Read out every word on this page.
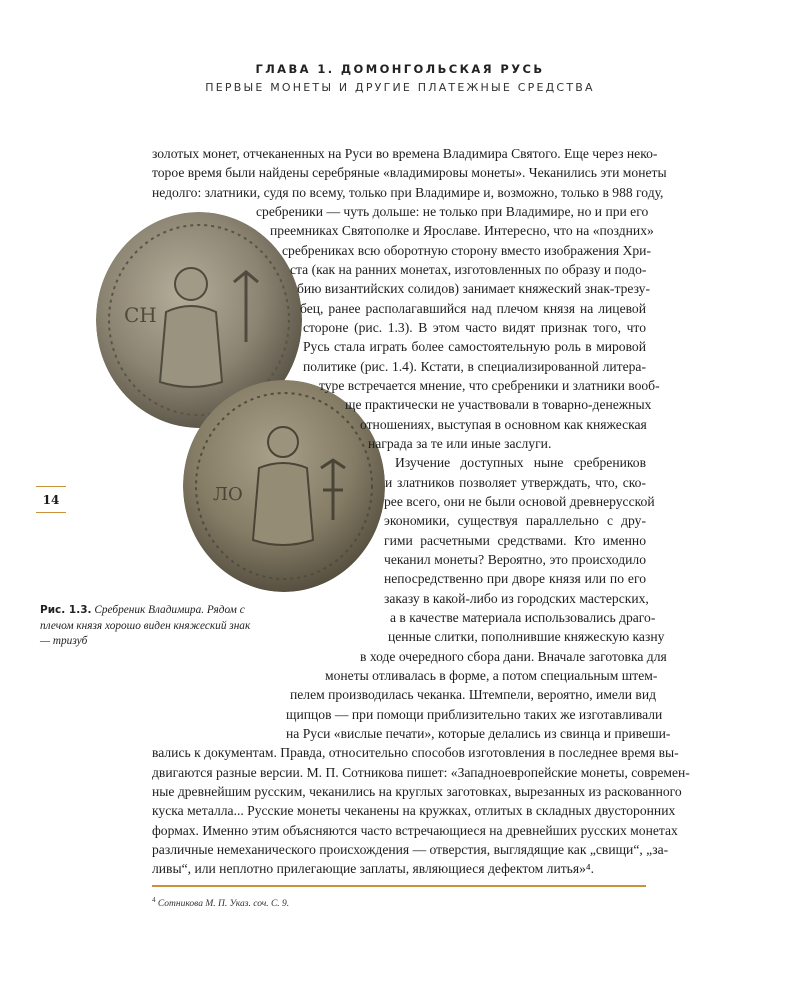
ГЛАВА 1. ДОМОНГОЛЬСКАЯ РУСЬ
ПЕРВЫЕ МОНЕТЫ И ДРУГИЕ ПЛАТЕЖНЫЕ СРЕДСТВА
СН
ЛО
золотых монет, отчеканенных на Руси во времена Владимира Святого. Еще через неко-
торое время были найдены серебряные «владимировы монеты». Чеканились эти монеты
недолго: златники, судя по всему, только при Владимире и, возможно, только в 988 году,
сребреники — чуть дольше: не только при Владимире, но и при его
преемниках Святополке и Ярославе. Интересно, что на «поздних»
сребрениках всю оборотную сторону вместо изображения Хри-
ста (как на ранних монетах, изготовленных по образу и подо-
бию византийских солидов) занимает княжеский знак-трезу-
бец, ранее располагавшийся над плечом князя на лицевой
стороне (рис. 1.3). В этом часто видят признак того, что
Русь стала играть более самостоятельную роль в мировой
политике (рис. 1.4). Кстати, в специализированной литера-
туре встречается мнение, что сребреники и златники вооб-
ще практически не участвовали в товарно-денежных
отношениях, выступая в основном как княжеская
награда за те или иные заслуги.
Изучение доступных ныне сребреников
и златников позволяет утверждать, что, ско-
рее всего, они не были основой древнерусской
экономики, существуя параллельно с дру-
гими расчетными средствами. Кто именно
чеканил монеты? Вероятно, это происходило
непосредственно при дворе князя или по его
заказу в какой-либо из городских мастерских,
а в качестве материала использовались драго-
ценные слитки, пополнившие княжескую казну
в ходе очередного сбора дани. Вначале заготовка для
монеты отливалась в форме, а потом специальным штем-
пелем производилась чеканка. Штемпели, вероятно, имели вид
щипцов — при помощи приблизительно таких же изготавливали
на Руси «вислые печати», которые делались из свинца и привеши-
вались к документам. Правда, относительно способов изготовления в последнее время вы-
двигаются разные версии. М. П. Сотникова пишет: «Западноевропейские монеты, современ-
ные древнейшим русским, чеканились на круглых заготовках, вырезанных из раскованного
куска металла... Русские монеты чеканены на кружках, отлитых в складных двусторонних
формах. Именно этим объясняются часто встречающиеся на древнейших русских монетах
различные немеханического происхождения — отверстия, выглядящие как „свищи“, „за-
ливы“, или неплотно прилегающие заплаты, являющиеся дефектом литья»⁴.
14
Рис. 1.3. Сребреник Владимира. Рядом с плечом князя хорошо виден княжеский знак — тризуб
$^4$ Сотникова М. П. Указ. соч. С. 9.
